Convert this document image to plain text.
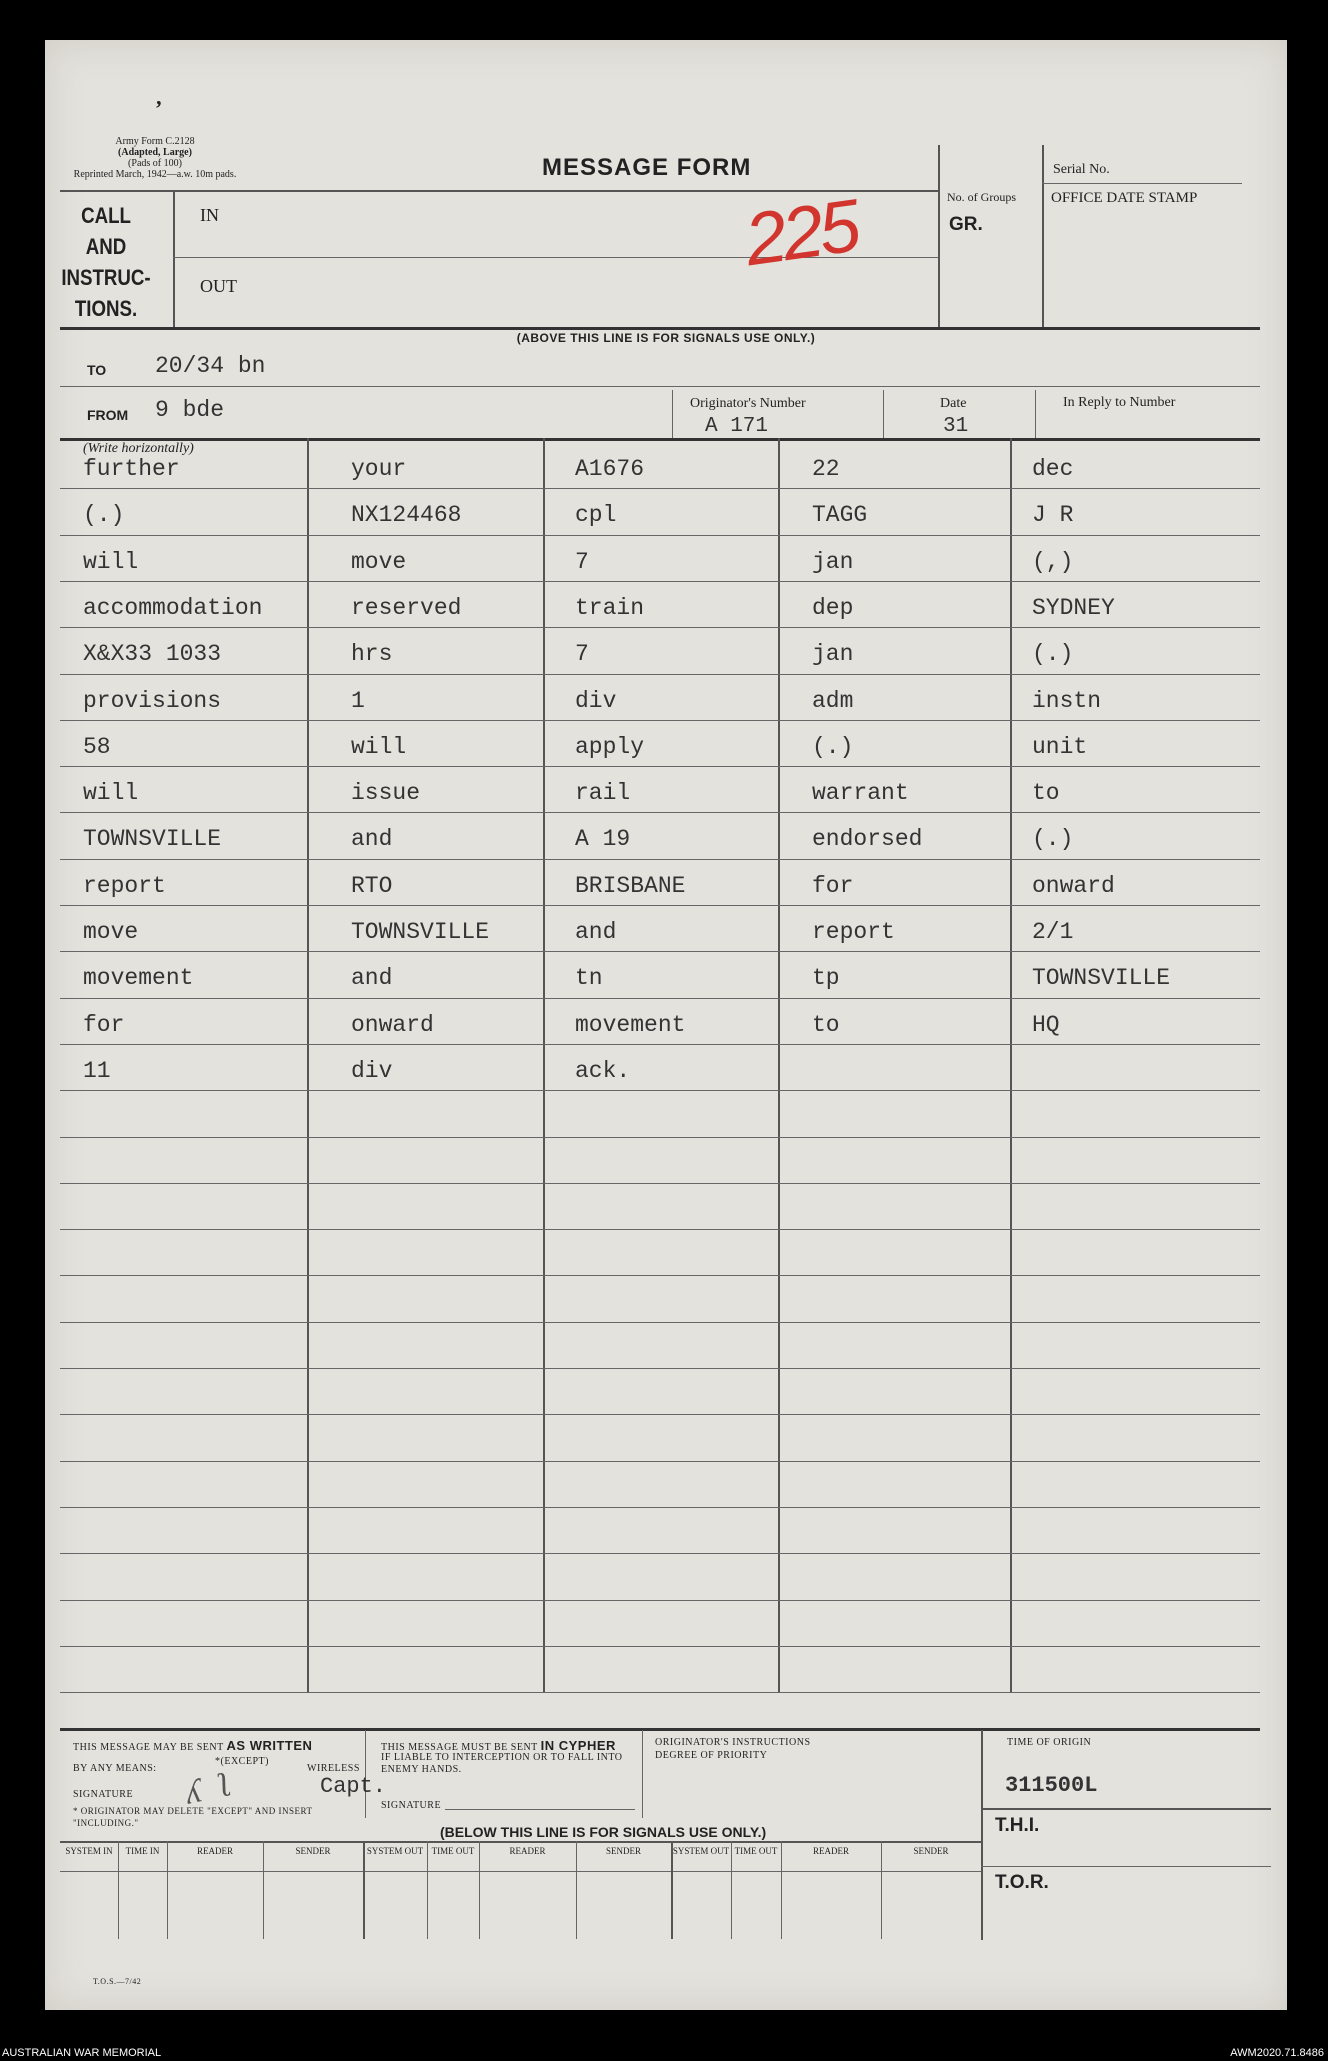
ʼ
Army Form C.2128
(Adapted, Large)
(Pads of 100)
Reprinted March, 1942—a.w. 10m pads.	MESSAGE FORM	Serial No.
No. of Groups
GR.
OFFICE DATE STAMP
CALL
AND
INSTRUC-
TIONS.
IN
OUT
225
(ABOVE THIS LINE IS FOR SIGNALS USE ONLY.)
TO 20/34 bn
FROM 9 bde	Originator's Number
A 171
Date
31
In Reply to Number
(Write horizontally)
further	your	A1676	22	dec
(.)	NX124468	cpl	TAGG	J R
will	move	7	jan	(,)
accommodation	reserved	train	dep	SYDNEY
X&X33 1033	hrs	7	jan	(.)
provisions	1	div	adm	instn
58	will	apply	(.)	unit
will	issue	rail	warrant	to
TOWNSVILLE	and	A 19	endorsed	(.)
report	RTO	BRISBANE	for	onward
move	TOWNSVILLE	and	report	2/1
movement	and	tn	tp	TOWNSVILLE
for	onward	movement	to	HQ
11	div	ack.
THIS MESSAGE MAY BE SENT AS WRITTEN
BY ANY MEANS:
*(EXCEPT)
WIRELESS
SIGNATURE ʎ ʅ	Capt.
* ORIGINATOR MAY DELETE "EXCEPT" AND INSERT "INCLUDING."
THIS MESSAGE MUST BE SENT IN CYPHER
IF LIABLE TO INTERCEPTION OR TO FALL INTO ENEMY HANDS.
SIGNATURE
ORIGINATOR'S INSTRUCTIONS
DEGREE OF PRIORITY
TIME OF ORIGIN
311500L
T.H.I.
T.O.R.
(BELOW THIS LINE IS FOR SIGNALS USE ONLY.)
SYSTEM IN	TIME IN	READER	SENDER	SYSTEM OUT TIME OUT	READER	SENDER	SYSTEM OUT TIME OUT	READER	SENDER
T.O.S.—7/42
AUSTRALIAN WAR MEMORIAL	AWM2020.71.8486
